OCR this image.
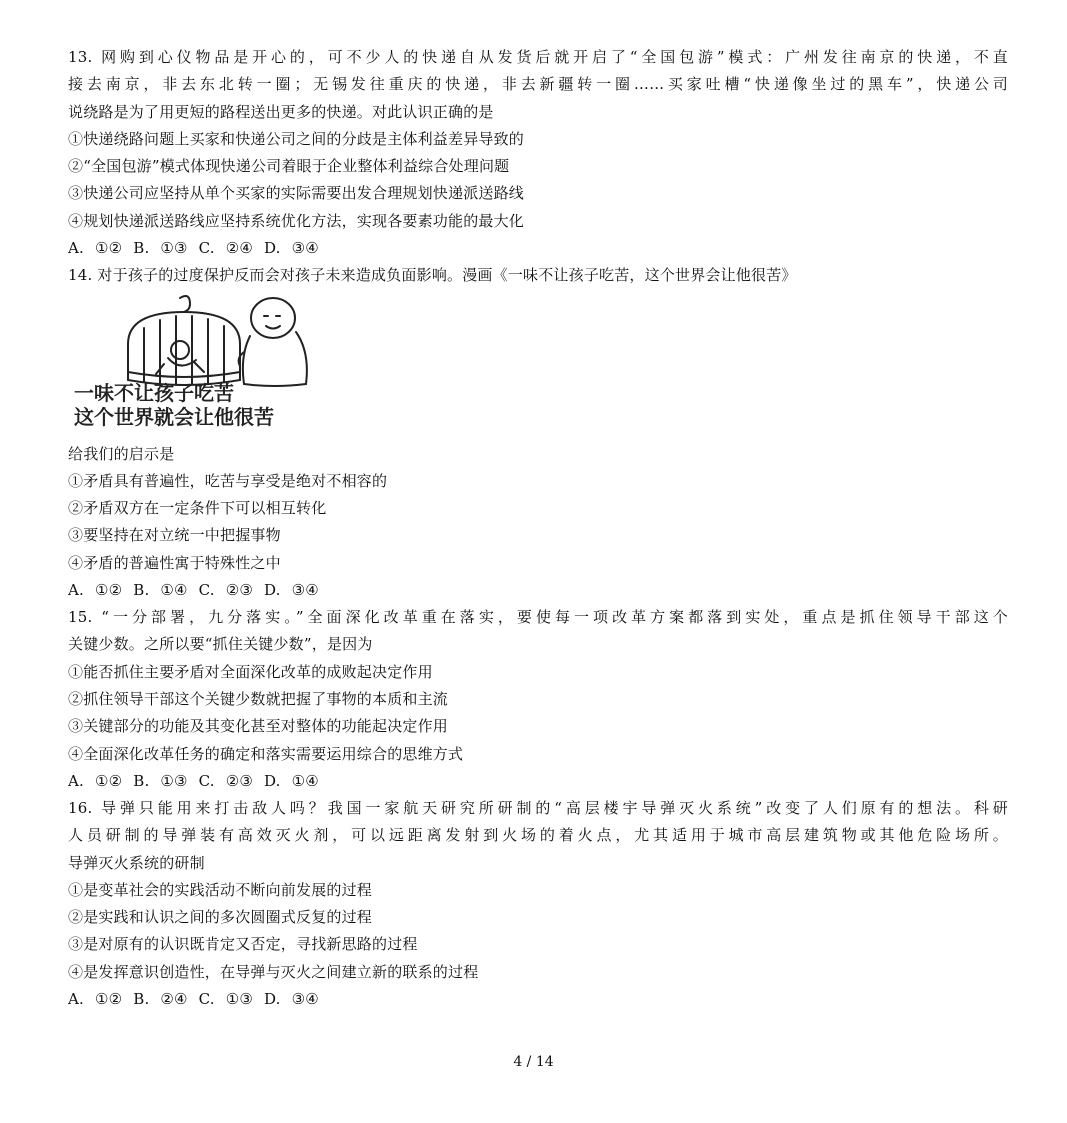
13. 网购到心仪物品是开心的，可不少人的快递自从发货后就开启了“全国包游”模式：广州发往南京的快递，不直
接去南京，非去东北转一圈；无锡发往重庆的快递，非去新疆转一圈……买家吐槽“快递像坐过的黑车”，快递公司
说绕路是为了用更短的路程送出更多的快递。对此认识正确的是
①快递绕路问题上买家和快递公司之间的分歧是主体利益差异导致的
②“全国包游”模式体现快递公司着眼于企业整体利益综合处理问题
③快递公司应坚持从单个买家的实际需要出发合理规划快递派送路线
④规划快递派送路线应坚持系统优化方法，实现各要素功能的最大化
A. ①② B. ①③ C. ②④ D. ③④
14. 对于孩子的过度保护反而会对孩子未来造成负面影响。漫画《一味不让孩子吃苦，这个世界会让他很苦》
一味不让孩子吃苦
这个世界就会让他很苦
给我们的启示是
①矛盾具有普遍性，吃苦与享受是绝对不相容的
②矛盾双方在一定条件下可以相互转化
③要坚持在对立统一中把握事物
④矛盾的普遍性寓于特殊性之中
A. ①② B. ①④ C. ②③ D. ③④
15. “一分部署，九分落实。”全面深化改革重在落实，要使每一项改革方案都落到实处，重点是抓住领导干部这个
关键少数。之所以要“抓住关键少数”，是因为
①能否抓住主要矛盾对全面深化改革的成败起决定作用
②抓住领导干部这个关键少数就把握了事物的本质和主流
③关键部分的功能及其变化甚至对整体的功能起决定作用
④全面深化改革任务的确定和落实需要运用综合的思维方式
A. ①② B. ①③ C. ②③ D. ①④
16. 导弹只能用来打击敌人吗？我国一家航天研究所研制的“高层楼宇导弹灭火系统”改变了人们原有的想法。科研
人员研制的导弹装有高效灭火剂，可以远距离发射到火场的着火点，尤其适用于城市高层建筑物或其他危险场所。
导弹灭火系统的研制
①是变革社会的实践活动不断向前发展的过程
②是实践和认识之间的多次圆圈式反复的过程
③是对原有的认识既肯定又否定，寻找新思路的过程
④是发挥意识创造性，在导弹与灭火之间建立新的联系的过程
A. ①② B. ②④ C. ①③ D. ③④
4 / 14
